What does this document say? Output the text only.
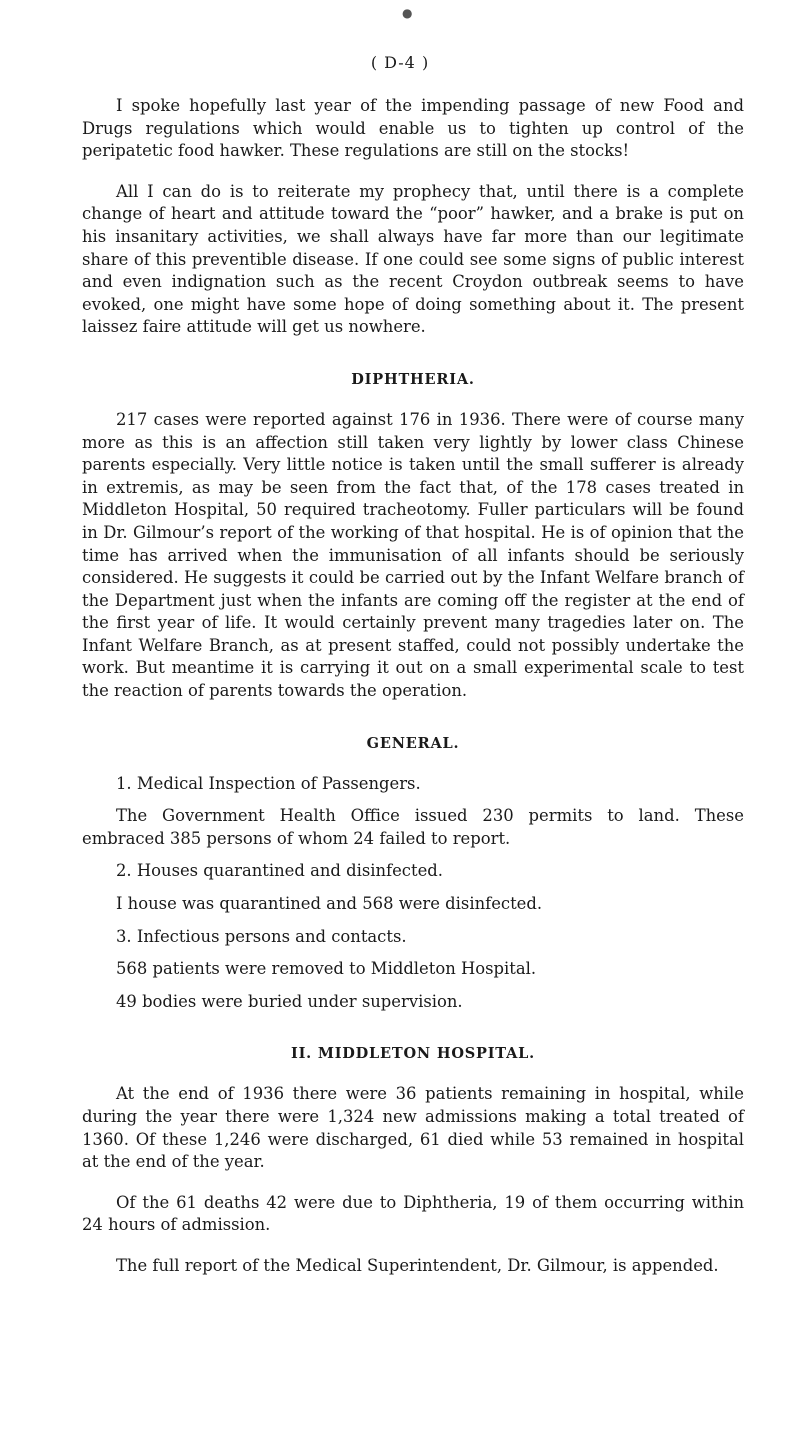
●
( D-4 )

I spoke hopefully last year of the impending passage of new Food and Drugs regulations which would enable us to tighten up control of the peripatetic food hawker. These regulations are still on the stocks!

All I can do is to reiterate my prophecy that, until there is a complete change of heart and attitude toward the “poor” hawker, and a brake is put on his insanitary activities, we shall always have far more than our legitimate share of this preventible disease. If one could see some signs of public interest and even indignation such as the recent Croydon outbreak seems to have evoked, one might have some hope of doing something about it. The present laissez faire attitude will get us nowhere.

DIPHTHERIA.

217 cases were reported against 176 in 1936. There were of course many more as this is an affection still taken very lightly by lower class Chinese parents especially. Very little notice is taken until the small sufferer is already in extremis, as may be seen from the fact that, of the 178 cases treated in Middleton Hospital, 50 required tracheotomy. Fuller particulars will be found in Dr. Gilmour’s report of the working of that hospital. He is of opinion that the time has arrived when the immunisation of all infants should be seriously considered. He suggests it could be carried out by the Infant Welfare branch of the Department just when the infants are coming off the register at the end of the first year of life. It would certainly prevent many tragedies later on. The Infant Welfare Branch, as at present staffed, could not possibly undertake the work. But meantime it is carrying it out on a small experimental scale to test the reaction of parents towards the operation.

GENERAL.

1. Medical Inspection of Passengers.

The Government Health Office issued 230 permits to land. These embraced 385 persons of whom 24 failed to report.

2. Houses quarantined and disinfected.

I house was quarantined and 568 were disinfected.

3. Infectious persons and contacts.

568 patients were removed to Middleton Hospital.

49 bodies were buried under supervision.

II. MIDDLETON HOSPITAL.

At the end of 1936 there were 36 patients remaining in hospital, while during the year there were 1,324 new admissions making a total treated of 1360. Of these 1,246 were discharged, 61 died while 53 remained in hospital at the end of the year.

Of the 61 deaths 42 were due to Diphtheria, 19 of them occurring within 24 hours of admission.

The full report of the Medical Superintendent, Dr. Gilmour, is appended.
